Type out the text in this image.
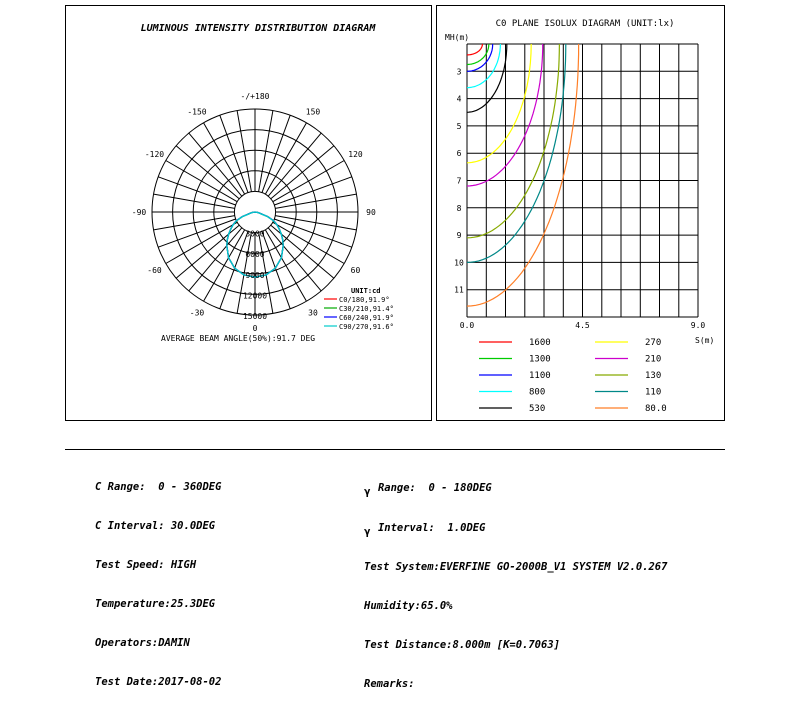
LUMINOUS INTENSITY DISTRIBUTION DIAGRAM
-/+180
150
120
90
60
30
0
-30
-60
-90
-120
-150
3000
6000
9000
12000
15000
UNIT:cd
C0/180,91.9°
C30/210,91.4°
C60/240,91.9°
C90/270,91.6°
AVERAGE BEAM ANGLE(50%):91.7 DEG
C0 PLANE ISOLUX DIAGRAM (UNIT:lx)
MH(m)
S(m)
3
4
5
6
7
8
9
10
11
0.0	4.5	9.0
1600
1300
1100
800
530
270
210
130
110
80.0

C Range:  0 - 360DEG

C Interval: 30.0DEG

Test Speed: HIGH

Temperature:25.3DEG

Operators:DAMIN

Test Date:2017-08-02

γ Range:  0 - 180DEG

γ Interval:  1.0DEG

Test System:EVERFINE GO-2000B_V1 SYSTEM V2.0.267

Humidity:65.0%

Test Distance:8.000m [K=0.7063]

Remarks:
